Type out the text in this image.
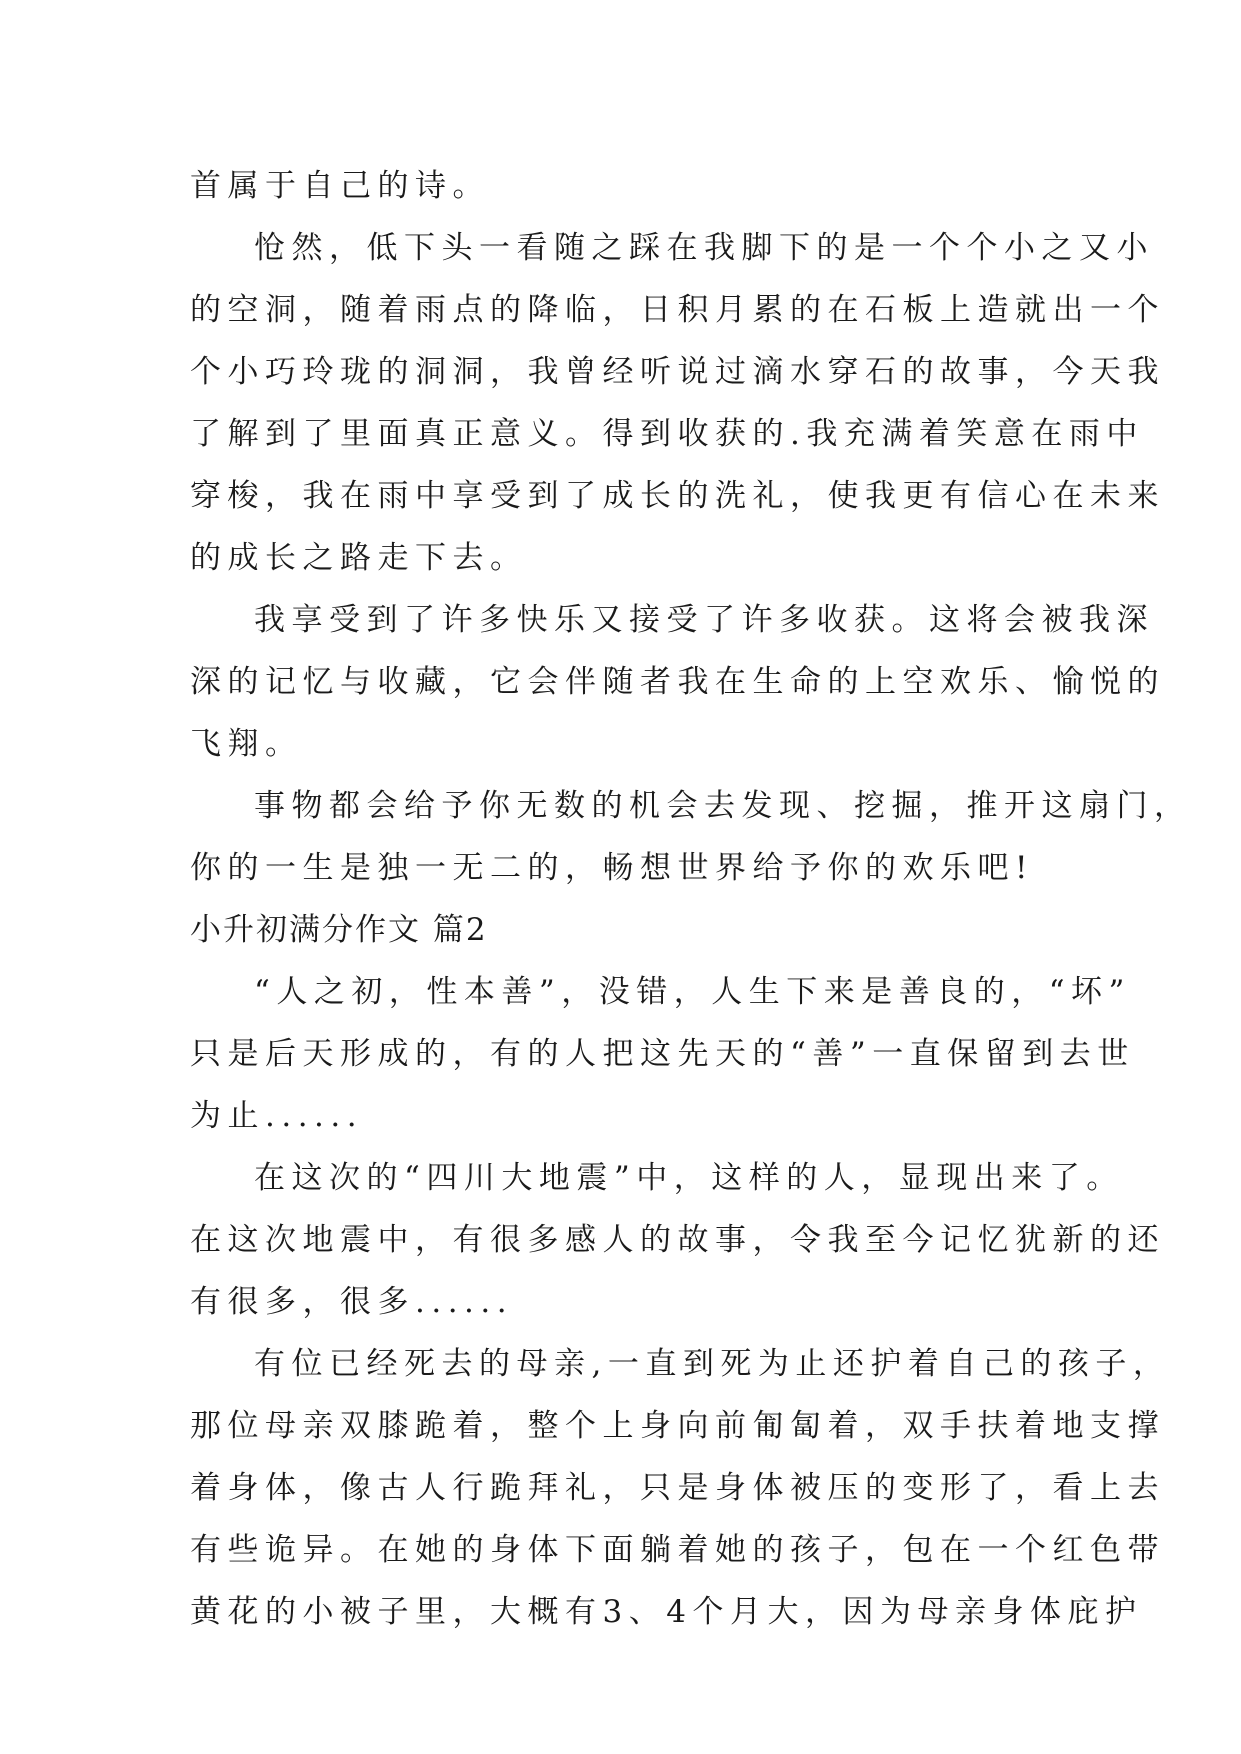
首属于自己的诗。

怆然，低下头一看随之踩在我脚下的是一个个小之又小

的空洞，随着雨点的降临，日积月累的在石板上造就出一个

个小巧玲珑的洞洞，我曾经听说过滴水穿石的故事，今天我

了解到了里面真正意义。得到收获的.我充满着笑意在雨中

穿梭，我在雨中享受到了成长的洗礼，使我更有信心在未来

的成长之路走下去。

我享受到了许多快乐又接受了许多收获。这将会被我深

深的记忆与收藏，它会伴随者我在生命的上空欢乐、愉悦的

飞翔。

事物都会给予你无数的机会去发现、挖掘，推开这扇门，

你的一生是独一无二的，畅想世界给予你的欢乐吧!

小升初满分作文 篇2

“人之初，性本善”，没错，人生下来是善良的，“坏”

只是后天形成的，有的人把这先天的“善”一直保留到去世

为止......

在这次的“四川大地震”中，这样的人，显现出来了。

在这次地震中，有很多感人的故事，令我至今记忆犹新的还

有很多，很多......

有位已经死去的母亲,一直到死为止还护着自己的孩子，

那位母亲双膝跪着，整个上身向前匍匐着，双手扶着地支撑

着身体，像古人行跪拜礼，只是身体被压的变形了，看上去

有些诡异。在她的身体下面躺着她的孩子，包在一个红色带

黄花的小被子里，大概有3、4个月大，因为母亲身体庇护
